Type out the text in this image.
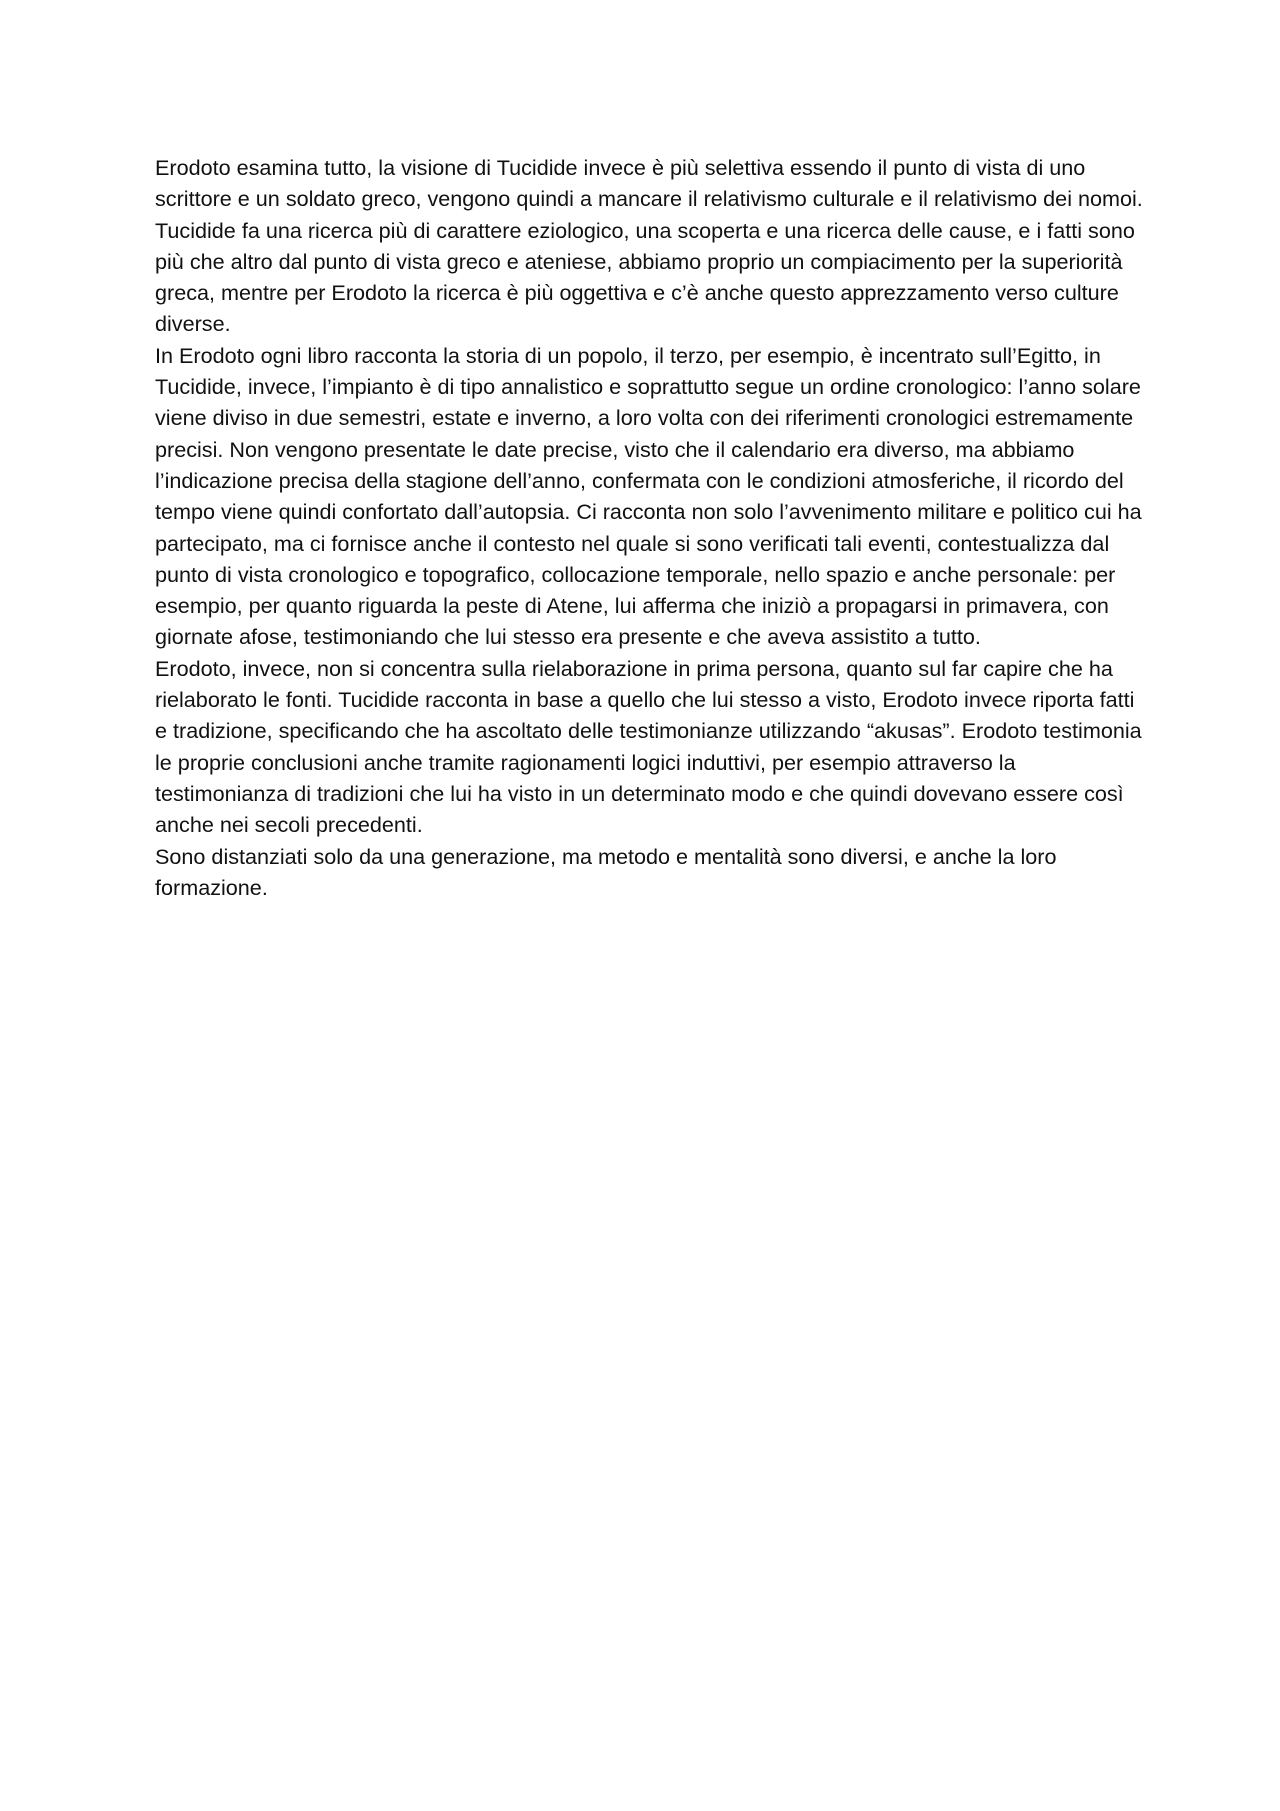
Erodoto esamina tutto, la visione di Tucidide invece è più selettiva essendo il punto di vista di uno scrittore e un soldato greco, vengono quindi a mancare il relativismo culturale e il relativismo dei nomoi.

Tucidide fa una ricerca più di carattere eziologico, una scoperta e una ricerca delle cause, e i fatti sono più che altro dal punto di vista greco e ateniese, abbiamo proprio un compiacimento per la superiorità greca, mentre per Erodoto la ricerca è più oggettiva e c’è anche questo apprezzamento verso culture diverse.

In Erodoto ogni libro racconta la storia di un popolo, il terzo, per esempio, è incentrato sull’Egitto, in Tucidide, invece, l’impianto è di tipo annalistico e soprattutto segue un ordine cronologico: l’anno solare viene diviso in due semestri, estate e inverno, a loro volta con dei riferimenti cronologici estremamente precisi. Non vengono presentate le date precise, visto che il calendario era diverso, ma abbiamo l’indicazione precisa della stagione dell’anno, confermata con le condizioni atmosferiche, il ricordo del tempo viene quindi confortato dall’autopsia. Ci racconta non solo l’avvenimento militare e politico cui ha partecipato, ma ci fornisce anche il contesto nel quale si sono verificati tali eventi, contestualizza dal punto di vista cronologico e topografico, collocazione temporale, nello spazio e anche personale: per esempio, per quanto riguarda la peste di Atene, lui afferma che iniziò a propagarsi in primavera, con giornate afose, testimoniando che lui stesso era presente e che aveva assistito a tutto.

Erodoto, invece, non si concentra sulla rielaborazione in prima persona, quanto sul far capire che ha rielaborato le fonti. Tucidide racconta in base a quello che lui stesso a visto, Erodoto invece riporta fatti e tradizione, specificando che ha ascoltato delle testimonianze utilizzando “akusas”. Erodoto testimonia le proprie conclusioni anche tramite ragionamenti logici induttivi, per esempio attraverso la testimonianza di tradizioni che lui ha visto in un determinato modo e che quindi dovevano essere così anche nei secoli precedenti.

Sono distanziati solo da una generazione, ma metodo e mentalità sono diversi, e anche la loro formazione.
